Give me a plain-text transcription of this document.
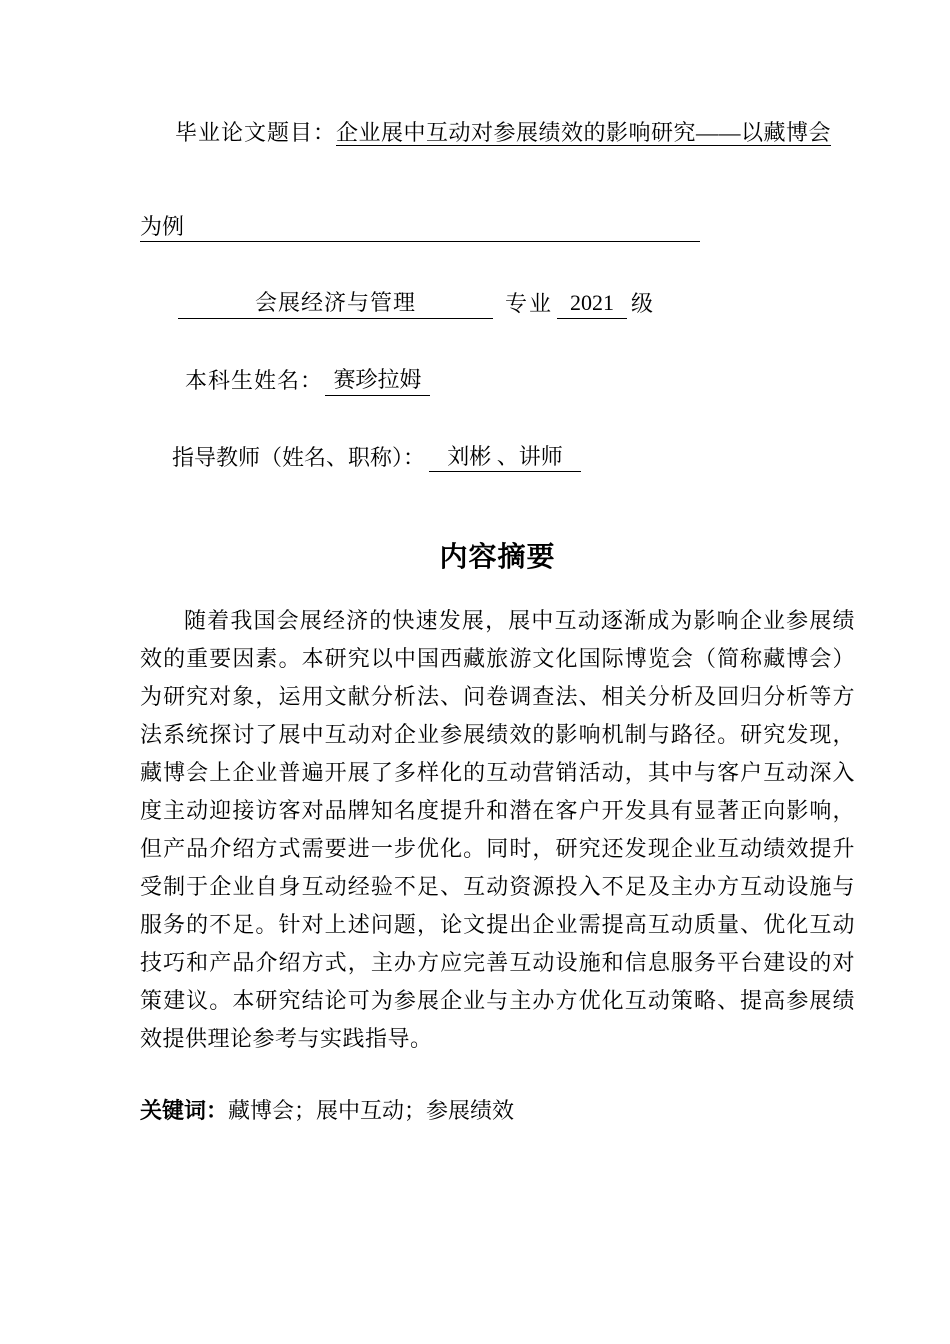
毕业论文题目：企业展中互动对参展绩效的影响研究——以藏博会
为例
会展经济与管理	专业 2021 级
本科生姓名： 赛珍拉姆
指导教师（姓名、职称）： 刘彬 、讲师
内容摘要
随着我国会展经济的快速发展，展中互动逐渐成为影响企业参展绩效的重要因素。本研究以中国西藏旅游文化国际博览会（简称藏博会）为研究对象，运用文献分析法、问卷调查法、相关分析及回归分析等方法系统探讨了展中互动对企业参展绩效的影响机制与路径。研究发现，藏博会上企业普遍开展了多样化的互动营销活动，其中与客户互动深入度主动迎接访客对品牌知名度提升和潜在客户开发具有显著正向影响，但产品介绍方式需要进一步优化。同时，研究还发现企业互动绩效提升受制于企业自身互动经验不足、互动资源投入不足及主办方互动设施与服务的不足。针对上述问题，论文提出企业需提高互动质量、优化互动技巧和产品介绍方式，主办方应完善互动设施和信息服务平台建设的对策建议。本研究结论可为参展企业与主办方优化互动策略、提高参展绩效提供理论参考与实践指导。
关键词：藏博会；展中互动；参展绩效
